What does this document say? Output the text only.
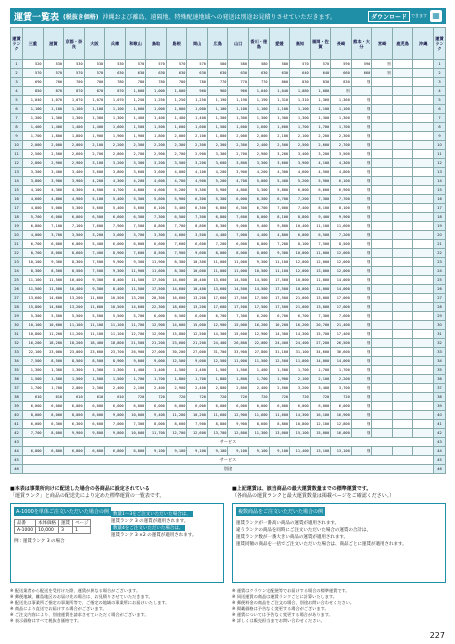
運賃一覧表 (税抜き価格) 沖縄および離島、遠隔地、特殊配達地域への発送は別途お見積りさせていただきます。	ダウンロード	できます ▦
運賃ランク	三重	滋賀	京都・奈良	大阪	兵庫	和歌山	鳥取	島根	岡山	広島	山口	香川・徳島	愛媛	高知	福岡・佐賀	長崎	熊本・大分	宮崎	鹿児島	沖縄	運賃ランク
1	520	530	530	530	530	570	570	570	570	580	580	580	580	570	570	590	590	別			1
2	570	570	570	570	630	630	630	630	630	630	630	630	630	640	640	660	660	別			2
3	690	700	700	700	780	780	780	780	780	770	770	770	800	830	830	830	別				3
4	850	870	870	870	870	1,000	1,000	1,000	960	960	960	1,040	1,040	1,080	1,080	別					4
5	1,040	1,070	1,070	1,070	1,070	1,250	1,250	1,250	1,250	1,190	1,190	1,190	1,310	1,310	1,360	1,360	別				5
6	1,100	1,100	1,100	1,100	1,100	1,000	1,000	1,000	1,000	1,100	1,100	1,100	1,100	1,100	1,100	1,100	別				6
7	1,300	1,300	1,300	1,300	1,300	1,400	1,400	1,400	1,400	1,300	1,300	1,300	1,300	1,300	1,300	1,300	別				7
8	1,400	1,400	1,400	1,400	1,600	1,500	1,500	1,600	1,600	1,500	1,600	1,600	1,600	1,700	1,700	1,700	別				8
9	1,700	1,800	1,800	1,900	1,900	1,900	1,800	2,000	2,100	1,800	2,000	2,000	2,100	2,100	2,200	2,300	別				9
10	2,000	2,000	2,000	2,100	2,200	2,300	2,200	2,300	2,300	2,300	2,300	2,400	2,500	2,500	2,600	2,700	別				10
11	2,500	2,500	2,600	2,700	2,800	2,700	2,900	2,700	2,900	3,300	2,700	2,900	3,200	3,400	3,200	3,500	別				11
12	2,800	2,900	2,900	3,100	3,200	3,300	3,200	3,500	3,200	3,600	3,800	3,300	3,600	3,900	4,100	4,300	別				12
13	3,300	3,400	3,400	3,600	3,800	3,600	3,600	4,000	4,100	4,200	3,900	4,200	4,300	4,600	4,500	4,800	別				13
14	3,800	3,900	3,900	4,200	4,300	4,200	4,600	4,700	4,900	5,200	4,700	5,000	5,400	5,200	5,900	6,100	別				14
15	4,100	4,300	4,300	4,500	4,700	4,800	4,600	5,200	5,300	5,900	4,800	5,300	5,800	6,000	6,600	6,900	別				15
16	4,600	4,800	4,900	5,100	5,400	5,300	5,600	5,900	6,300	5,300	6,000	6,300	6,700	7,200	7,300	7,700	別				16
17	4,800	5,000	5,300	5,600	5,400	5,600	6,100	5,400	6,300	6,800	6,300	6,700	7,000	7,400	8,100	8,100	別				17
18	5,700	6,000	6,000	6,500	6,600	6,300	7,300	6,500	7,300	6,800	7,600	8,000	8,100	8,800	9,400	9,900	別				18
19	6,800	7,100	7,100	7,600	7,900	7,500	8,800	7,700	8,800	8,300	9,000	9,400	9,800	10,400	11,100	11,600	別				19
20	4,000	3,700	3,500	3,200	3,000	3,700	3,300	4,600	3,500	4,400	7,000	4,400	4,800	6,000	6,500	7,200	別				20
21	6,700	6,000	6,000	5,400	6,000	6,000	6,600	7,600	6,600	7,200	6,000	8,000	7,200	8,100	7,500	8,500	別				21
22	8,700	8,000	8,600	7,400	8,900	7,600	8,500	7,900	9,600	8,000	8,000	8,000	9,300	10,000	11,000	12,000	別				22
23	10,100	9,300	8,300	7,500	9,900	9,300	11,900	8,300	10,300	11,000	11,000	9,300	11,100	12,000	12,000	12,000	別				23
24	8,300	8,500	8,500	7,500	9,300	11,900	11,600	8,300	10,000	11,000	11,000	10,500	11,100	12,000	13,000	12,000	別				24
25	11,100	11,500	10,400	9,300	8,400	11,500	17,500	14,600	10,400	13,600	14,500	14,500	17,500	10,000	11,000	14,000	別				25
26	11,500	11,500	10,400	9,300	8,400	11,500	17,500	14,600	10,400	13,600	14,500	14,500	17,500	10,000	11,000	14,000	別				26
27	13,600	14,600	13,200	11,600	10,500	13,200	20,300	16,600	13,200	17,600	17,500	17,500	17,500	21,000	13,000	17,000	別				27
28	15,800	14,600	13,200	11,600	10,500	14,600	22,300	18,600	13,200	17,600	17,500	17,500	17,500	21,000	13,000	17,000	別				28
29	5,300	5,500	5,500	5,500	5,500	5,700	6,000	6,500	6,000	6,700	7,300	6,200	6,700	6,700	7,300	7,600	別				29
30	10,100	10,600	11,100	11,100	11,100	11,700	12,900	14,000	15,000	12,900	15,000	16,200	16,200	16,200	20,700	21,400	別				30
31	10,800	11,200	11,200	11,100	11,100	12,700	12,900	15,800	12,500	14,300	15,600	12,900	14,300	14,300	15,700	17,400	別				31
32	16,200	18,200	18,200	18,400	18,800	21,500	21,200	23,600	21,200	24,400	26,800	22,000	24,400	24,400	27,200	26,500	別				32
33	22,100	23,000	23,000	23,600	23,700	26,900	27,000	30,200	27,000	31,700	33,900	27,800	31,100	31,100	34,600	36,600	別				33
34	7,500	8,500	8,500	8,500	8,900	9,000	9,000	12,500	9,000	12,500	11,000	11,500	12,500	11,000	14,000	14,000	別				34
35	1,300	1,300	1,300	1,300	1,300	1,400	1,400	1,500	1,400	1,500	1,500	1,400	1,500	1,700	1,700	1,700	別				35
36	1,500	1,500	1,500	1,500	1,500	1,700	1,700	1,800	1,700	1,800	1,800	1,700	1,900	2,100	2,100	2,200	別				36
37	1,700	1,700	2,000	2,300	2,400	2,100	2,400	2,900	2,400	2,800	2,800	2,400	2,500	3,200	3,400	3,700	別				37
38	610	610	610	610	610	720	720	720	720	720	720	720	720	720	720	720	別				38
39	6,000	6,000	6,000	6,000	6,000	6,000	6,000	6,000	6,000	6,000	6,000	6,000	6,000	6,000	6,000	6,000	別				39
40	8,000	8,000	8,000	8,000	9,000	10,000	9,400	11,200	10,200	11,600	12,900	11,600	11,600	14,300	16,100	16,900	別				40
41	6,000	6,300	6,300	6,600	7,000	7,300	8,000	8,600	7,900	8,800	9,900	8,600	8,800	10,800	12,100	12,800	別				41
42	7,700	8,000	9,900	9,800	9,800	10,000	11,700	12,700	12,600	13,700	12,800	11,300	13,000	15,100	15,000	16,000	別				42
43	サービス																				43
44	6,800	6,800	6,800	6,800	6,800	6,800	9,100	9,100	9,100	9,100	9,100	9,100	9,100	11,400	13,100	13,100	別				44
45	サービス																				45
46	別途																				46

■本表は事業所向けに配送した場合の各商品に設定されている

「運賃ランク」と商品の配送先により定めた標準運賃の一覧表です。

A-1000を単体ご注文いただいた場合の例
品番	本体価格	運賃	ページ
A-1000	10,000	3	1
数量1～3をご注文いただいた場合は、
運賃ランク 3 の運賃が適用されます。
数量4をご注文いただいた場合は、
運賃ランク 3 ×2 の運賃が適用されます。
例 : 運賃ランク 3 の場合

■上記運賃は、該当商品の最大運賃数量までの標準運賃です。

（各商品の運賃ランクと最大運賃数量は掲載ページをご確認ください。）

複数商品をご注文いただいた場合の例

運賃ランクが一番高い商品の運賃が適用されます。

違うランクの商品を同時にご注文いただいた場合の運賃の合計は、

運賃ランク数が一番大きい商品の運賃が適用されます。

運賃同額の商品を一括でご注文いただいた場合は、商品ごとに運賃が適用されます。

※ 配送業者から配送を受付けた際、運賃が異なる場合がございます。
※ 郵便地域、離島地区のお届け先の場合は、お見積りさせていただきます。
※ 配送先は事業所ご指定の事業所等で、ご指定の地域の事業所にお届けいたします。
※ 商品により直送でお届けする場合がございます。
※ ご注文内容により、別途運賃を請求させていただく場合がございます。
※ 表示価格はすべて税抜き価格です。
※ 運賃はクラウン宅配便等でお届けする場合の標準運賃です。
※ 同送運賃の商品は運賃ランクごとに計算いたします。
※ 郵便料金の商品をご注文の場合、別途お問い合わせください。
※ 掲載価格は予告なく変更する場合がございます。
※ 運賃については予告なく変更する場合があります。
※ 詳しくは販売担当までお問い合わせください。
227
